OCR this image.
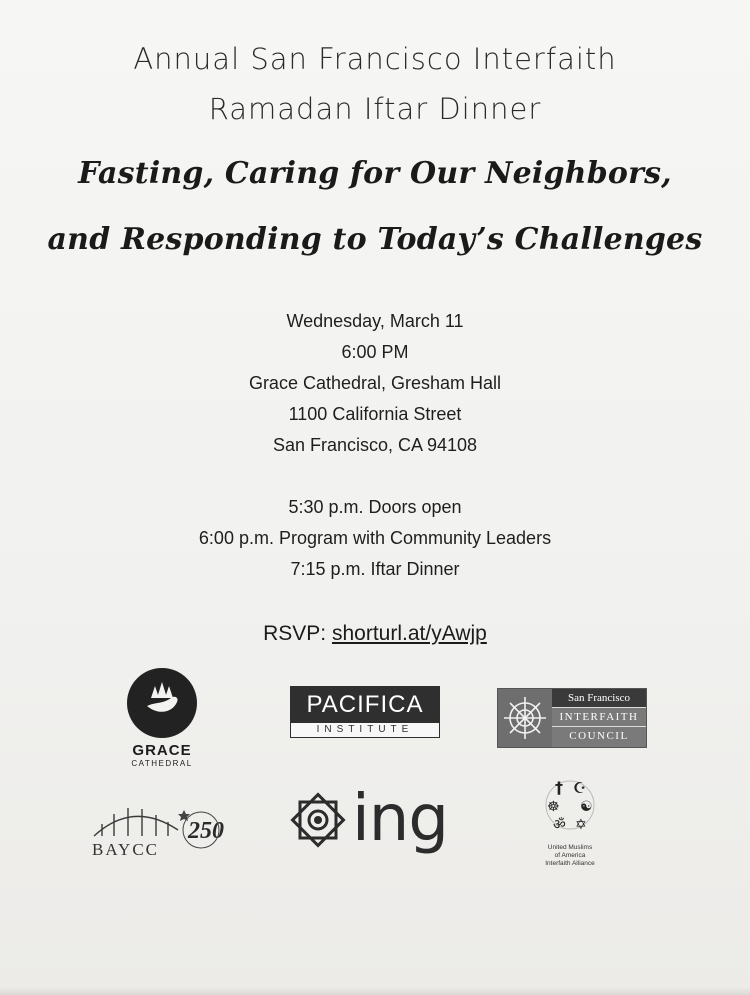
Annual San Francisco Interfaith
Ramadan Iftar Dinner
Fasting, Caring for Our Neighbors,
and Responding to Today’s Challenges
Wednesday, March 11
6:00 PM
Grace Cathedral, Gresham Hall
1100 California Street
San Francisco, CA 94108
5:30 p.m. Doors open
6:00 p.m. Program with Community Leaders
7:15 p.m. Iftar Dinner
RSVP: shorturl.at/yAwjp
GRACE
CATHEDRAL
PACIFICA
INSTITUTE
San Francisco
INTERFAITH
COUNCIL
250
BAYCC	ing	† ☪
☸ ☯
ॐ ✡
United Muslims
of America
Interfaith Alliance
